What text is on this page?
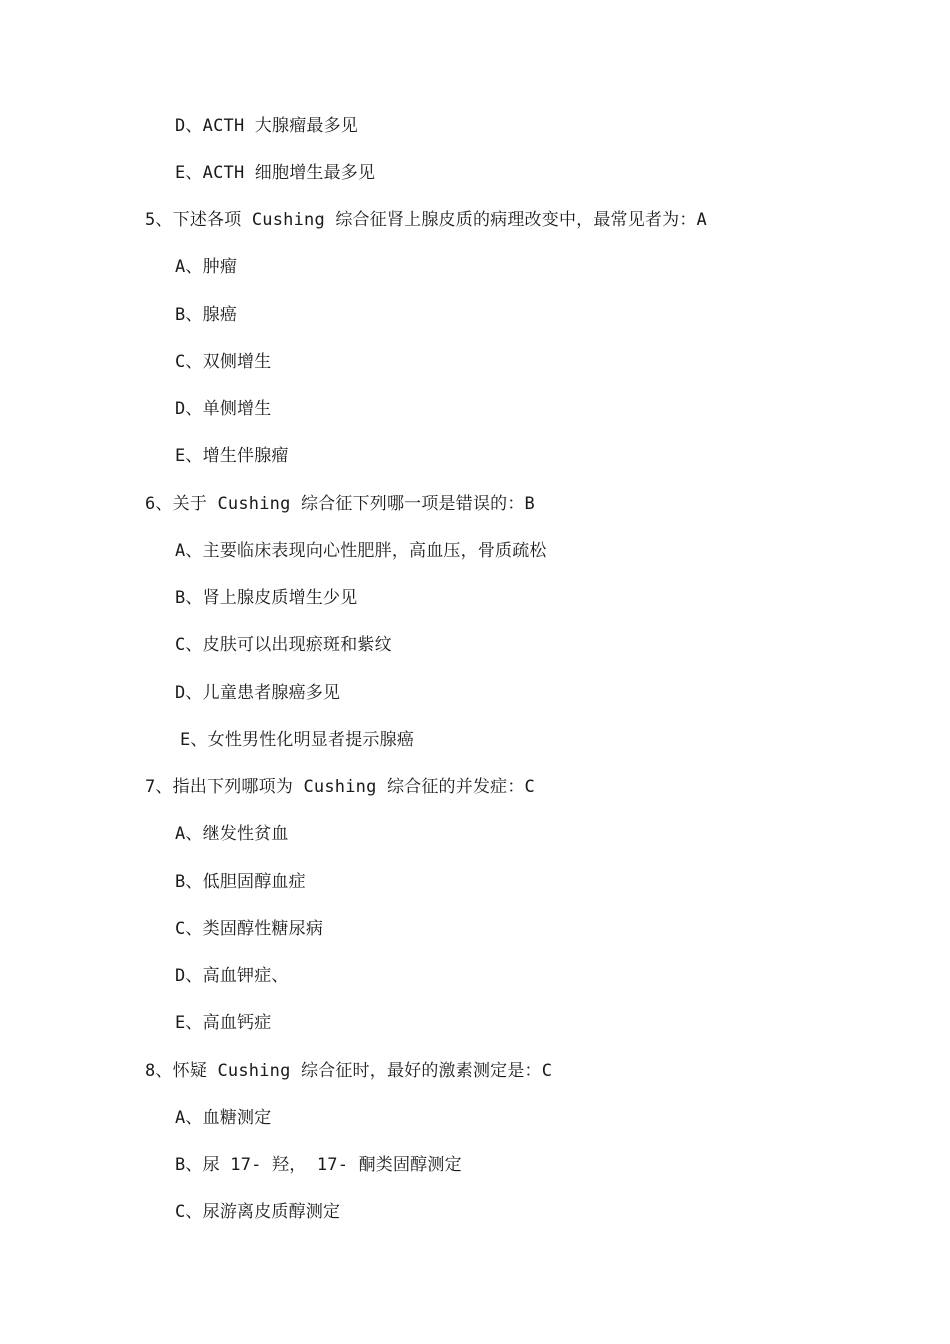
D、ACTH 大腺瘤最多见
E、ACTH 细胞增生最多见
5、下述各项 Cushing 综合征肾上腺皮质的病理改变中，最常见者为：A
A、肿瘤
B、腺癌
C、双侧增生
D、单侧增生
E、增生伴腺瘤
6、关于 Cushing 综合征下列哪一项是错误的：B
A、主要临床表现向心性肥胖，高血压，骨质疏松
B、肾上腺皮质增生少见
C、皮肤可以出现瘀斑和紫纹
D、儿童患者腺癌多见
E、女性男性化明显者提示腺癌
7、指出下列哪项为 Cushing 综合征的并发症：C
A、继发性贫血
B、低胆固醇血症
C、类固醇性糖尿病
D、高血钾症、
E、高血钙症
8、怀疑 Cushing 综合征时，最好的激素测定是：C
A、血糖测定
B、尿 17- 羟， 17- 酮类固醇测定
C、尿游离皮质醇测定
